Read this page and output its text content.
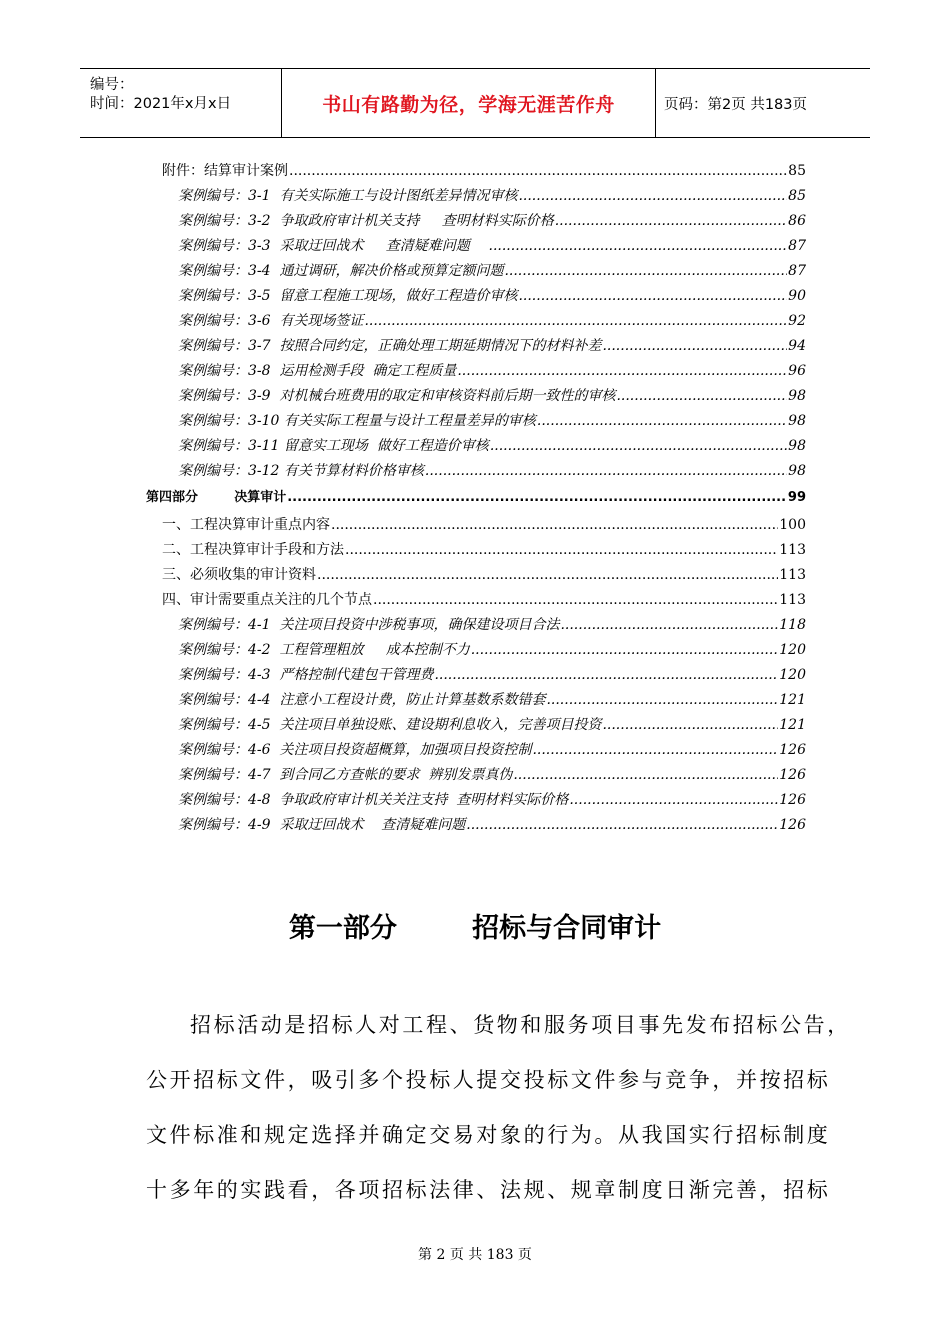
编号：
时间：2021年x月x日	书山有路勤为径，学海无涯苦作舟	页码：第2页 共183页
附件：结算审计案例 .....	85
案例编号：3-1  有关实际施工与设计图纸差异情况审核 .....	85
案例编号：3-2  争取政府审计机关支持     查明材料实际价格 .....	86
案例编号：3-3  采取迂回战术     查清疑难问题 .....	87
案例编号：3-4  通过调研，解决价格或预算定额问题 .....	87
案例编号：3-5  留意工程施工现场，做好工程造价审核 .....	90
案例编号：3-6  有关现场签证 .....	92
案例编号：3-7  按照合同约定，正确处理工期延期情况下的材料补差 .....	94
案例编号：3-8  运用检测手段  确定工程质量 .....	96
案例编号：3-9  对机械台班费用的取定和审核资料前后期一致性的审核 .....	98
案例编号：3-10 有关实际工程量与设计工程量差异的审核 .....	98
案例编号：3-11 留意实工现场  做好工程造价审核 .....	98
案例编号：3-12 有关节算材料价格审核 .....	98
第四部分        决算审计 .....	99
一、工程决算审计重点内容 .....	100
二、工程决算审计手段和方法 .....	113
三、必须收集的审计资料 .....	113
四、审计需要重点关注的几个节点 .....	113
案例编号：4-1  关注项目投资中涉税事项，确保建设项目合法 .....	118
案例编号：4-2  工程管理粗放     成本控制不力 .....	120
案例编号：4-3  严格控制代建包干管理费 .....	120
案例编号：4-4  注意小工程设计费，防止计算基数系数错套 .....	121
案例编号：4-5  关注项目单独设账、建设期利息收入，完善项目投资 .....	121
案例编号：4-6  关注项目投资超概算，加强项目投资控制 .....	126
案例编号：4-7  到合同乙方查帐的要求  辨别发票真伪 .....	126
案例编号：4-8  争取政府审计机关关注支持  查明材料实际价格 .....	126
案例编号：4-9  采取迂回战术    查清疑难问题 .....	126
第一部分        招标与合同审计
招标活动是招标人对工程、货物和服务项目事先发布招标公告，
公开招标文件，吸引多个投标人提交投标文件参与竞争，并按招标
文件标准和规定选择并确定交易对象的行为。从我国实行招标制度
十多年的实践看，各项招标法律、法规、规章制度日渐完善，招标
第 2 页 共 183 页
